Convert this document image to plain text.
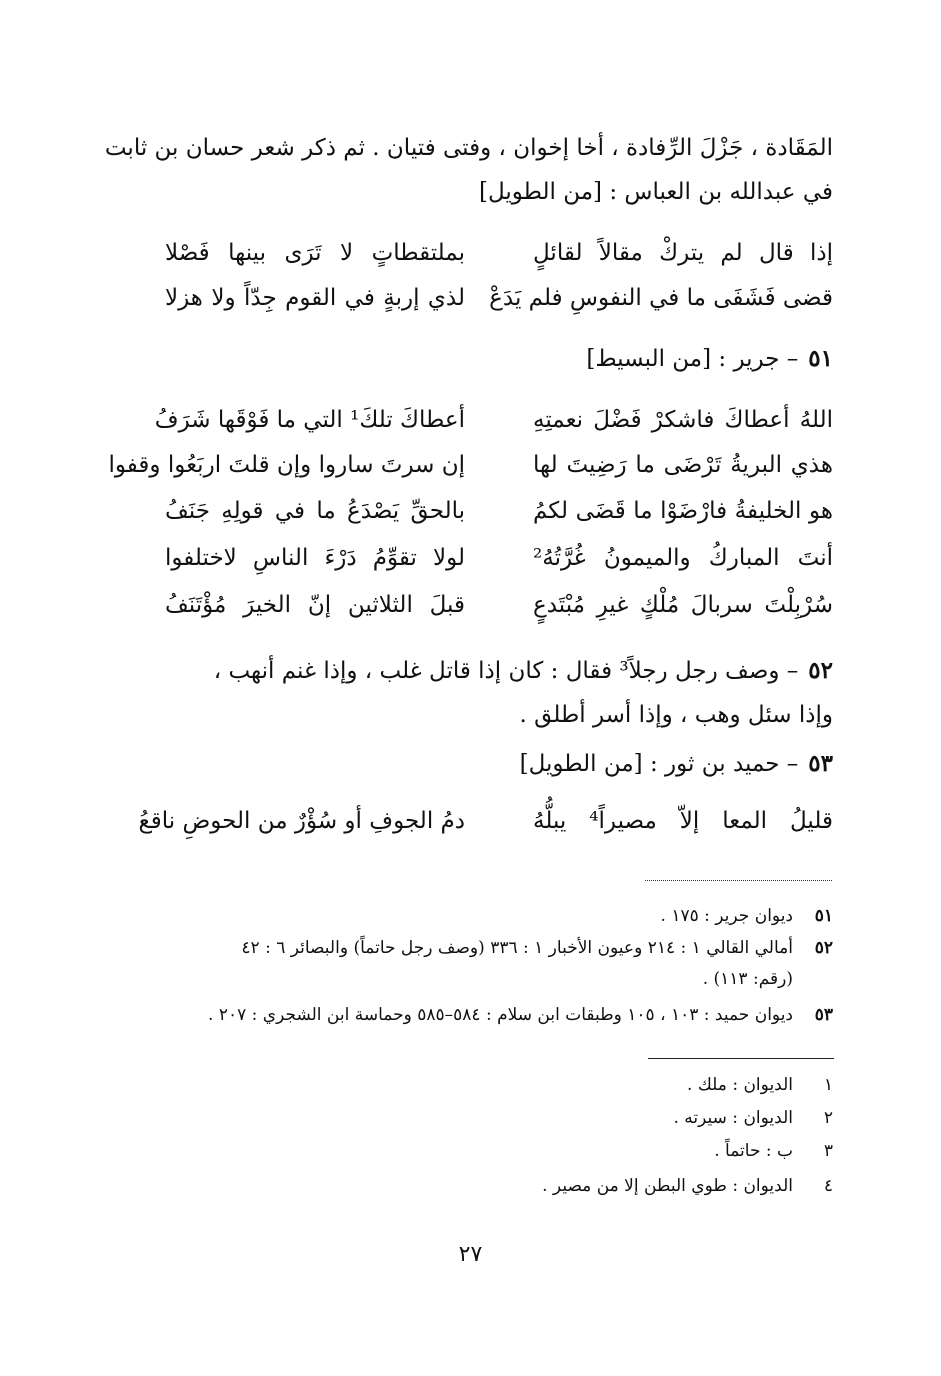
المَقَادة ، جَزْلَ الرِّفادة ، أخا إخوان ، وفتى فتيان . ثم ذكر شعر حسان بن ثابت
في عبدالله بن العباس : [من الطويل]
إذا قال لم يتركْ مقالاً لقائلٍ
بملتقطاتٍ لا تَرَى بينها فَصْلا
قضى فَشَفَى ما في النفوسِ فلم يَدَعْ
لذي إربةٍ في القوم جِدّاً ولا هزلا
٥١– جرير : [من البسيط]
اللهُ أعطاكَ فاشكرْ فَضْلَ نعمتِهِ
أعطاكَ تلكَ¹ التي ما فَوْقَها شَرَفُ
هذي البريةُ تَرْضَى ما رَضِيتَ لها
إن سرتَ ساروا وإن قلتَ اربَعُوا وقفوا
هو الخليفةُ فارْضَوْا ما قَضَى لكمُ
بالحقِّ يَصْدَعُ ما في قولِهِ جَنَفُ
أنتَ المباركُ والميمونُ غُرَّتُهُ²
لولا تقوِّمُ دَرْءَ الناسِ لاختلفوا
سُرْبِلْتَ سربالَ مُلْكٍ غيرِ مُبْتَدعٍ
قبلَ الثلاثين إنّ الخيرَ مُؤْتَنَفُ
٥٢– وصف رجل رجلاً³ فقال : كان إذا قاتل غلب ، وإذا غنم أنهب ،
وإذا سئل وهب ، وإذا أسر أطلق .
٥٣– حميد بن ثور : [من الطويل]
قليلُ المعا إلاّ مصيراً⁴ يبلُّهُ
دمُ الجوفِ أو سُؤْرٌ من الحوضِ ناقعُ
٥١ديوان جرير : ١٧٥ .
٥٢أمالي القالي ١ : ٢١٤ وعيون الأخبار ١ : ٣٣٦ (وصف رجل حاتماً) والبصائر ٦ : ٤٢
(رقم: ١١٣) .
٥٣ديوان حميد : ١٠٣ ، ١٠٥ وطبقات ابن سلام : ٥٨٤–٥٨٥ وحماسة ابن الشجري : ٢٠٧ .
١الديوان : ملك .
٢الديوان : سيرته .
٣ب : حاتماً .
٤الديوان : طوي البطن إلا من مصير .
٢٧
